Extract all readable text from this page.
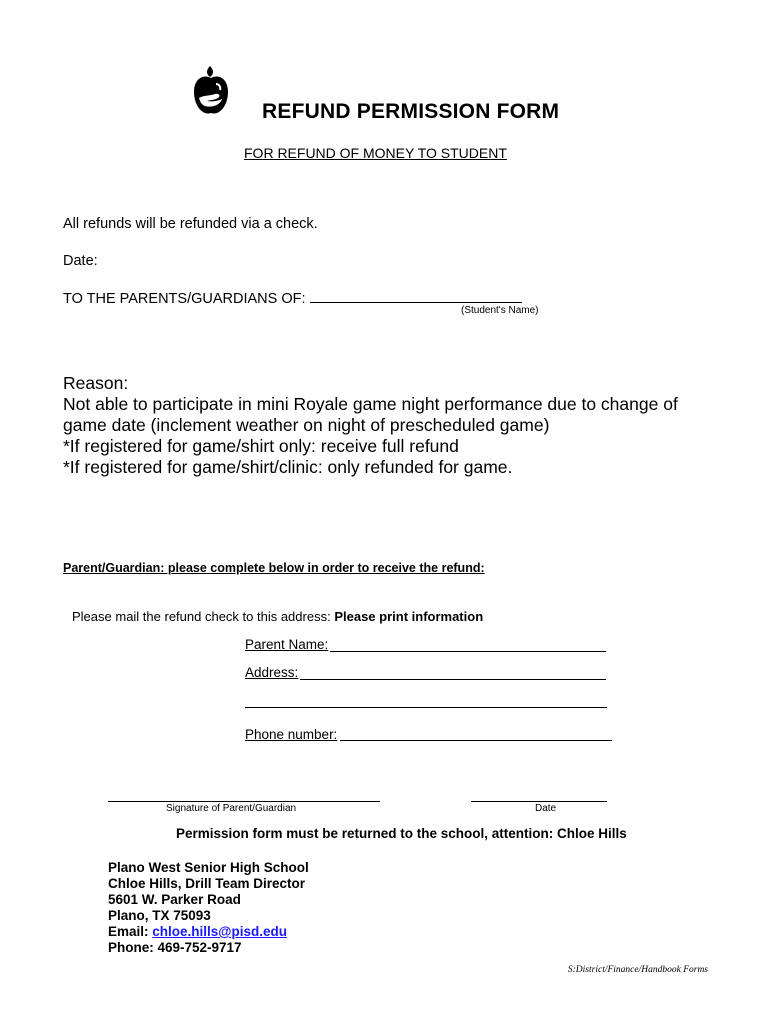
REFUND PERMISSION FORM
FOR REFUND OF MONEY TO STUDENT
All refunds will be refunded via a check.
Date:
TO THE PARENTS/GUARDIANS OF:
(Student's Name)
Reason:
Not able to participate in mini Royale game night performance due to change of
game date (inclement weather on night of prescheduled game)
*If registered for game/shirt only: receive full refund
*If registered for game/shirt/clinic: only refunded for game.
Parent/Guardian: please complete below in order to receive the refund:
Please mail the refund check to this address: Please print information
Parent Name:
Address:
Phone number:
Signature of Parent/Guardian	Date
Permission form must be returned to the school, attention: Chloe Hills
Plano West Senior High School
Chloe Hills, Drill Team Director
5601 W. Parker Road
Plano, TX 75093
Email: chloe.hills@pisd.edu
Phone: 469-752-9717
S:District/Finance/Handbook Forms
